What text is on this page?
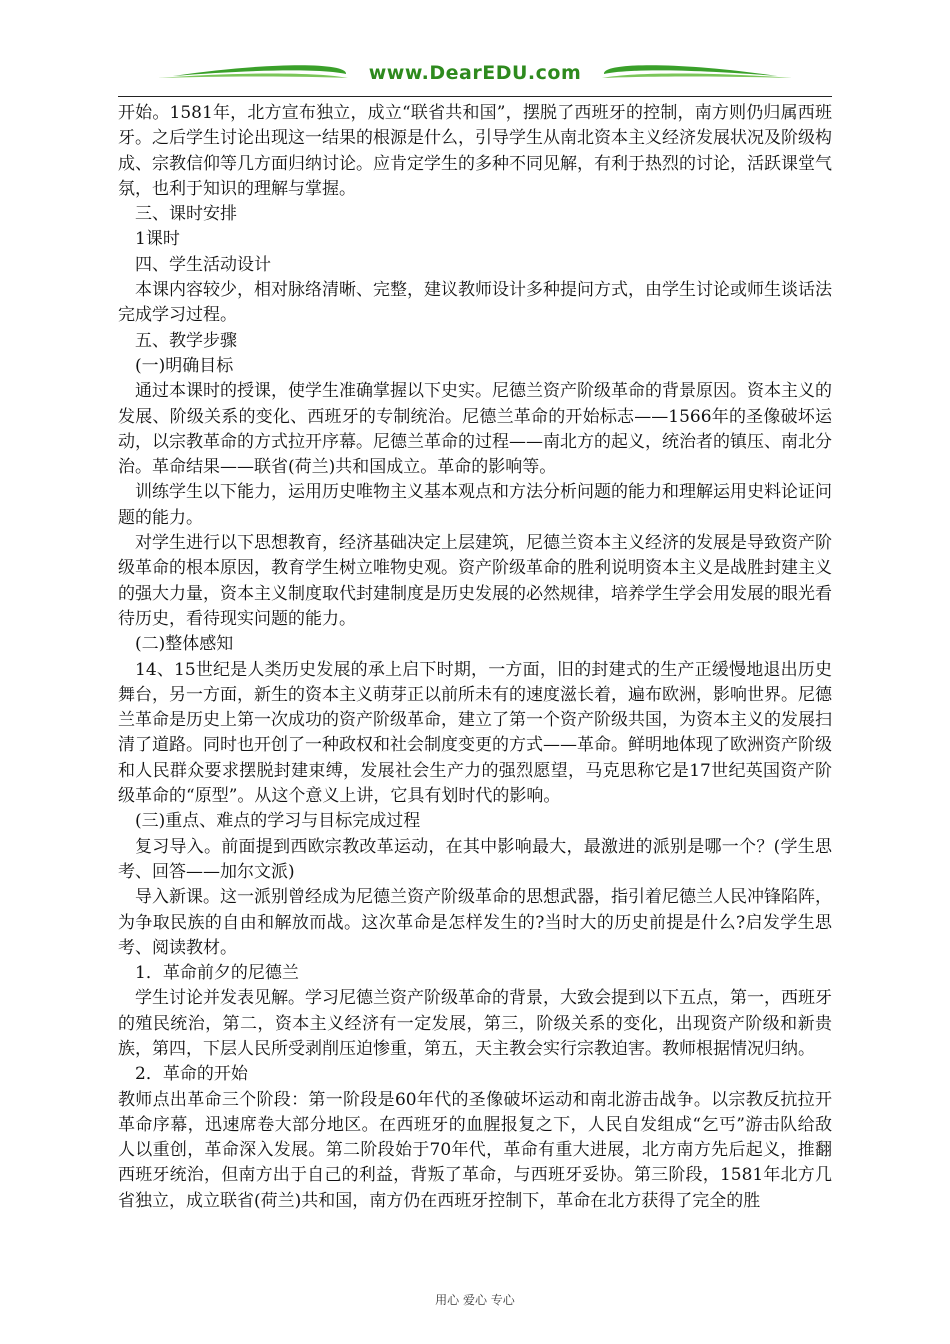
www.DearEDU.com

开始。1581年，北方宣布独立，成立“联省共和国”，摆脱了西班牙的控制，南方则仍归属西班牙。之后学生讨论出现这一结果的根源是什么，引导学生从南北资本主义经济发展状况及阶级构成、宗教信仰等几方面归纳讨论。应肯定学生的多种不同见解，有利于热烈的讨论，活跃课堂气氛，也利于知识的理解与掌握。

三、课时安排

1课时

四、学生活动设计

本课内容较少，相对脉络清晰、完整，建议教师设计多种提问方式，由学生讨论或师生谈话法完成学习过程。

五、教学步骤

(一)明确目标

通过本课时的授课，使学生准确掌握以下史实。尼德兰资产阶级革命的背景原因。资本主义的发展、阶级关系的变化、西班牙的专制统治。尼德兰革命的开始标志——1566年的圣像破坏运动，以宗教革命的方式拉开序幕。尼德兰革命的过程——南北方的起义，统治者的镇压、南北分治。革命结果——联省(荷兰)共和国成立。革命的影响等。

训练学生以下能力，运用历史唯物主义基本观点和方法分析问题的能力和理解运用史料论证问题的能力。

对学生进行以下思想教育，经济基础决定上层建筑，尼德兰资本主义经济的发展是导致资产阶级革命的根本原因，教育学生树立唯物史观。资产阶级革命的胜利说明资本主义是战胜封建主义的强大力量，资本主义制度取代封建制度是历史发展的必然规律，培养学生学会用发展的眼光看待历史，看待现实问题的能力。

(二)整体感知

14、15世纪是人类历史发展的承上启下时期，一方面，旧的封建式的生产正缓慢地退出历史舞台，另一方面，新生的资本主义萌芽正以前所未有的速度滋长着，遍布欧洲，影响世界。尼德兰革命是历史上第一次成功的资产阶级革命，建立了第一个资产阶级共国，为资本主义的发展扫清了道路。同时也开创了一种政权和社会制度变更的方式——革命。鲜明地体现了欧洲资产阶级和人民群众要求摆脱封建束缚，发展社会生产力的强烈愿望，马克思称它是17世纪英国资产阶级革命的“原型”。从这个意义上讲，它具有划时代的影响。

(三)重点、难点的学习与目标完成过程

复习导入。前面提到西欧宗教改革运动，在其中影响最大，最激进的派别是哪一个？(学生思考、回答——加尔文派)

导入新课。这一派别曾经成为尼德兰资产阶级革命的思想武器，指引着尼德兰人民冲锋陷阵，为争取民族的自由和解放而战。这次革命是怎样发生的?当时大的历史前提是什么?启发学生思考、阅读教材。

1．革命前夕的尼德兰

学生讨论并发表见解。学习尼德兰资产阶级革命的背景，大致会提到以下五点，第一，西班牙的殖民统治，第二，资本主义经济有一定发展，第三，阶级关系的变化，出现资产阶级和新贵族，第四，下层人民所受剥削压迫惨重，第五，天主教会实行宗教迫害。教师根据情况归纳。

2．革命的开始

教师点出革命三个阶段：第一阶段是60年代的圣像破坏运动和南北游击战争。以宗教反抗拉开革命序幕，迅速席卷大部分地区。在西班牙的血腥报复之下，人民自发组成“乞丐”游击队给敌人以重创，革命深入发展。第二阶段始于70年代，革命有重大进展，北方南方先后起义，推翻西班牙统治，但南方出于自己的利益，背叛了革命，与西班牙妥协。第三阶段，1581年北方几省独立，成立联省(荷兰)共和国，南方仍在西班牙控制下，革命在北方获得了完全的胜

用心 爱心 专心
